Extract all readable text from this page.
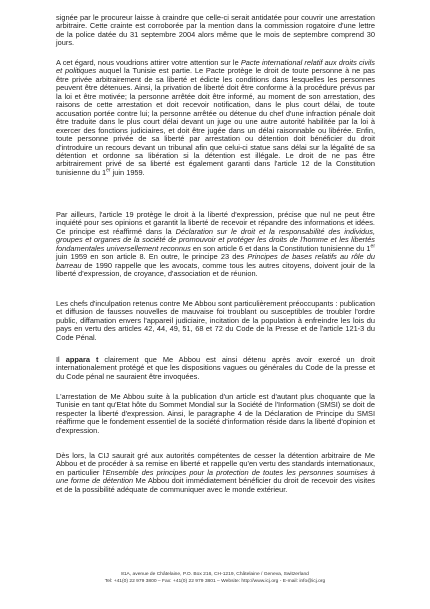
signée par le procureur laisse à craindre que celle-ci serait antidatée pour couvrir une arrestation arbitraire. Cette crainte est corroborée par la mention dans la commission rogatoire d'une lettre de la police datée du 31 septembre 2004 alors même que le mois de septembre comprend 30 jours.

A cet égard, nous voudrions attirer votre attention sur le Pacte international relatif aux droits civils et politiques auquel la Tunisie est partie. Le Pacte protège le droit de toute personne à ne pas être privée arbitrairement de sa liberté et édicte les conditions dans lesquelles les personnes peuvent être détenues. Ainsi, la privation de liberté doit être conforme à la procédure prévus par la loi et être motivée; la personne arrêtée doit être informé, au moment de son arrestation, des raisons de cette arrestation et doit recevoir notification, dans le plus court délai, de toute accusation portée contre lui; la personne arrêtée ou détenue du chef d'une infraction pénale doit être traduite dans le plus court délai devant un juge ou une autre autorité habilitée par la loi à exercer des fonctions judiciaires, et doit être jugée dans un délai raisonnable ou libérée. Enfin, toute personne privée de sa liberté par arrestation ou détention doit bénéficier du droit d'introduire un recours devant un tribunal afin que celui-ci statue sans délai sur la légalité de sa détention et ordonne sa libération si la détention est illégale. Le droit de ne pas être arbitrairement privé de sa liberté est également garanti dans l'article 12 de la Constitution tunisienne du 1er juin 1959.

Par ailleurs, l'article 19 protège le droit à la liberté d'expression, précise que nul ne peut être inquiété pour ses opinions et garantit la liberté de recevoir et répandre des informations et idées. Ce principe est réaffirmé dans la Déclaration sur le droit et la responsabilité des individus, groupes et organes de la société de promouvoir et protéger les droits de l'homme et les libertés fondamentales universellement reconnus en son article 6 et dans la Constitution tunisienne du 1er juin 1959 en son article 8. En outre, le principe 23 des Principes de bases relatifs au rôle du barreau de 1990 rappelle que les avocats, comme tous les autres citoyens, doivent jouir de la liberté d'expression, de croyance, d'association et de réunion.

Les chefs d'inculpation retenus contre Me Abbou sont particulièrement préoccupants : publication et diffusion de fausses nouvelles de mauvaise foi troublant ou susceptibles de troubler l'ordre public, diffamation envers l'appareil judiciaire, incitation de la population à enfreindre les lois du pays en vertu des articles 42, 44, 49, 51, 68 et 72 du Code de la Presse et de l'article 121-3 du Code Pénal.

Il appara t clairement que Me Abbou est ainsi détenu après avoir exercé un droit internationalement protégé et que les dispositions vagues ou générales du Code de la presse et du Code pénal ne sauraient être invoquées.

L'arrestation de Me Abbou suite à la publication d'un article est d'autant plus choquante que la Tunisie en tant qu'Etat hôte du Sommet Mondial sur la Société de l'Information (SMSI) se doit de respecter la liberté d'expression. Ainsi, le paragraphe 4 de la Déclaration de Principe du SMSI réaffirme que le fondement essentiel de la société d'information réside dans la liberté d'opinion et d'expression.

Dès lors, la CIJ saurait gré aux autorités compétentes de cesser la détention arbitraire de Me Abbou et de procéder à sa remise en liberté et rappelle qu'en vertu des standards internationaux, en particulier l'Ensemble des principes pour la protection de toutes les personnes soumises à une forme de détention Me Abbou doit immédiatement bénéficier du droit de recevoir des visites et de la possibilité adéquate de communiquer avec le monde extérieur.

81A, avenue de Châtelaine, P.O. Box 216, CH-1219, Châtelaine / Geneva, Switzerland
Tel: +41(0) 22 979 3800 – Fax: +41(0) 22 979 3801 – Website: http://www.icj.org - E-mail: info@icj.org
